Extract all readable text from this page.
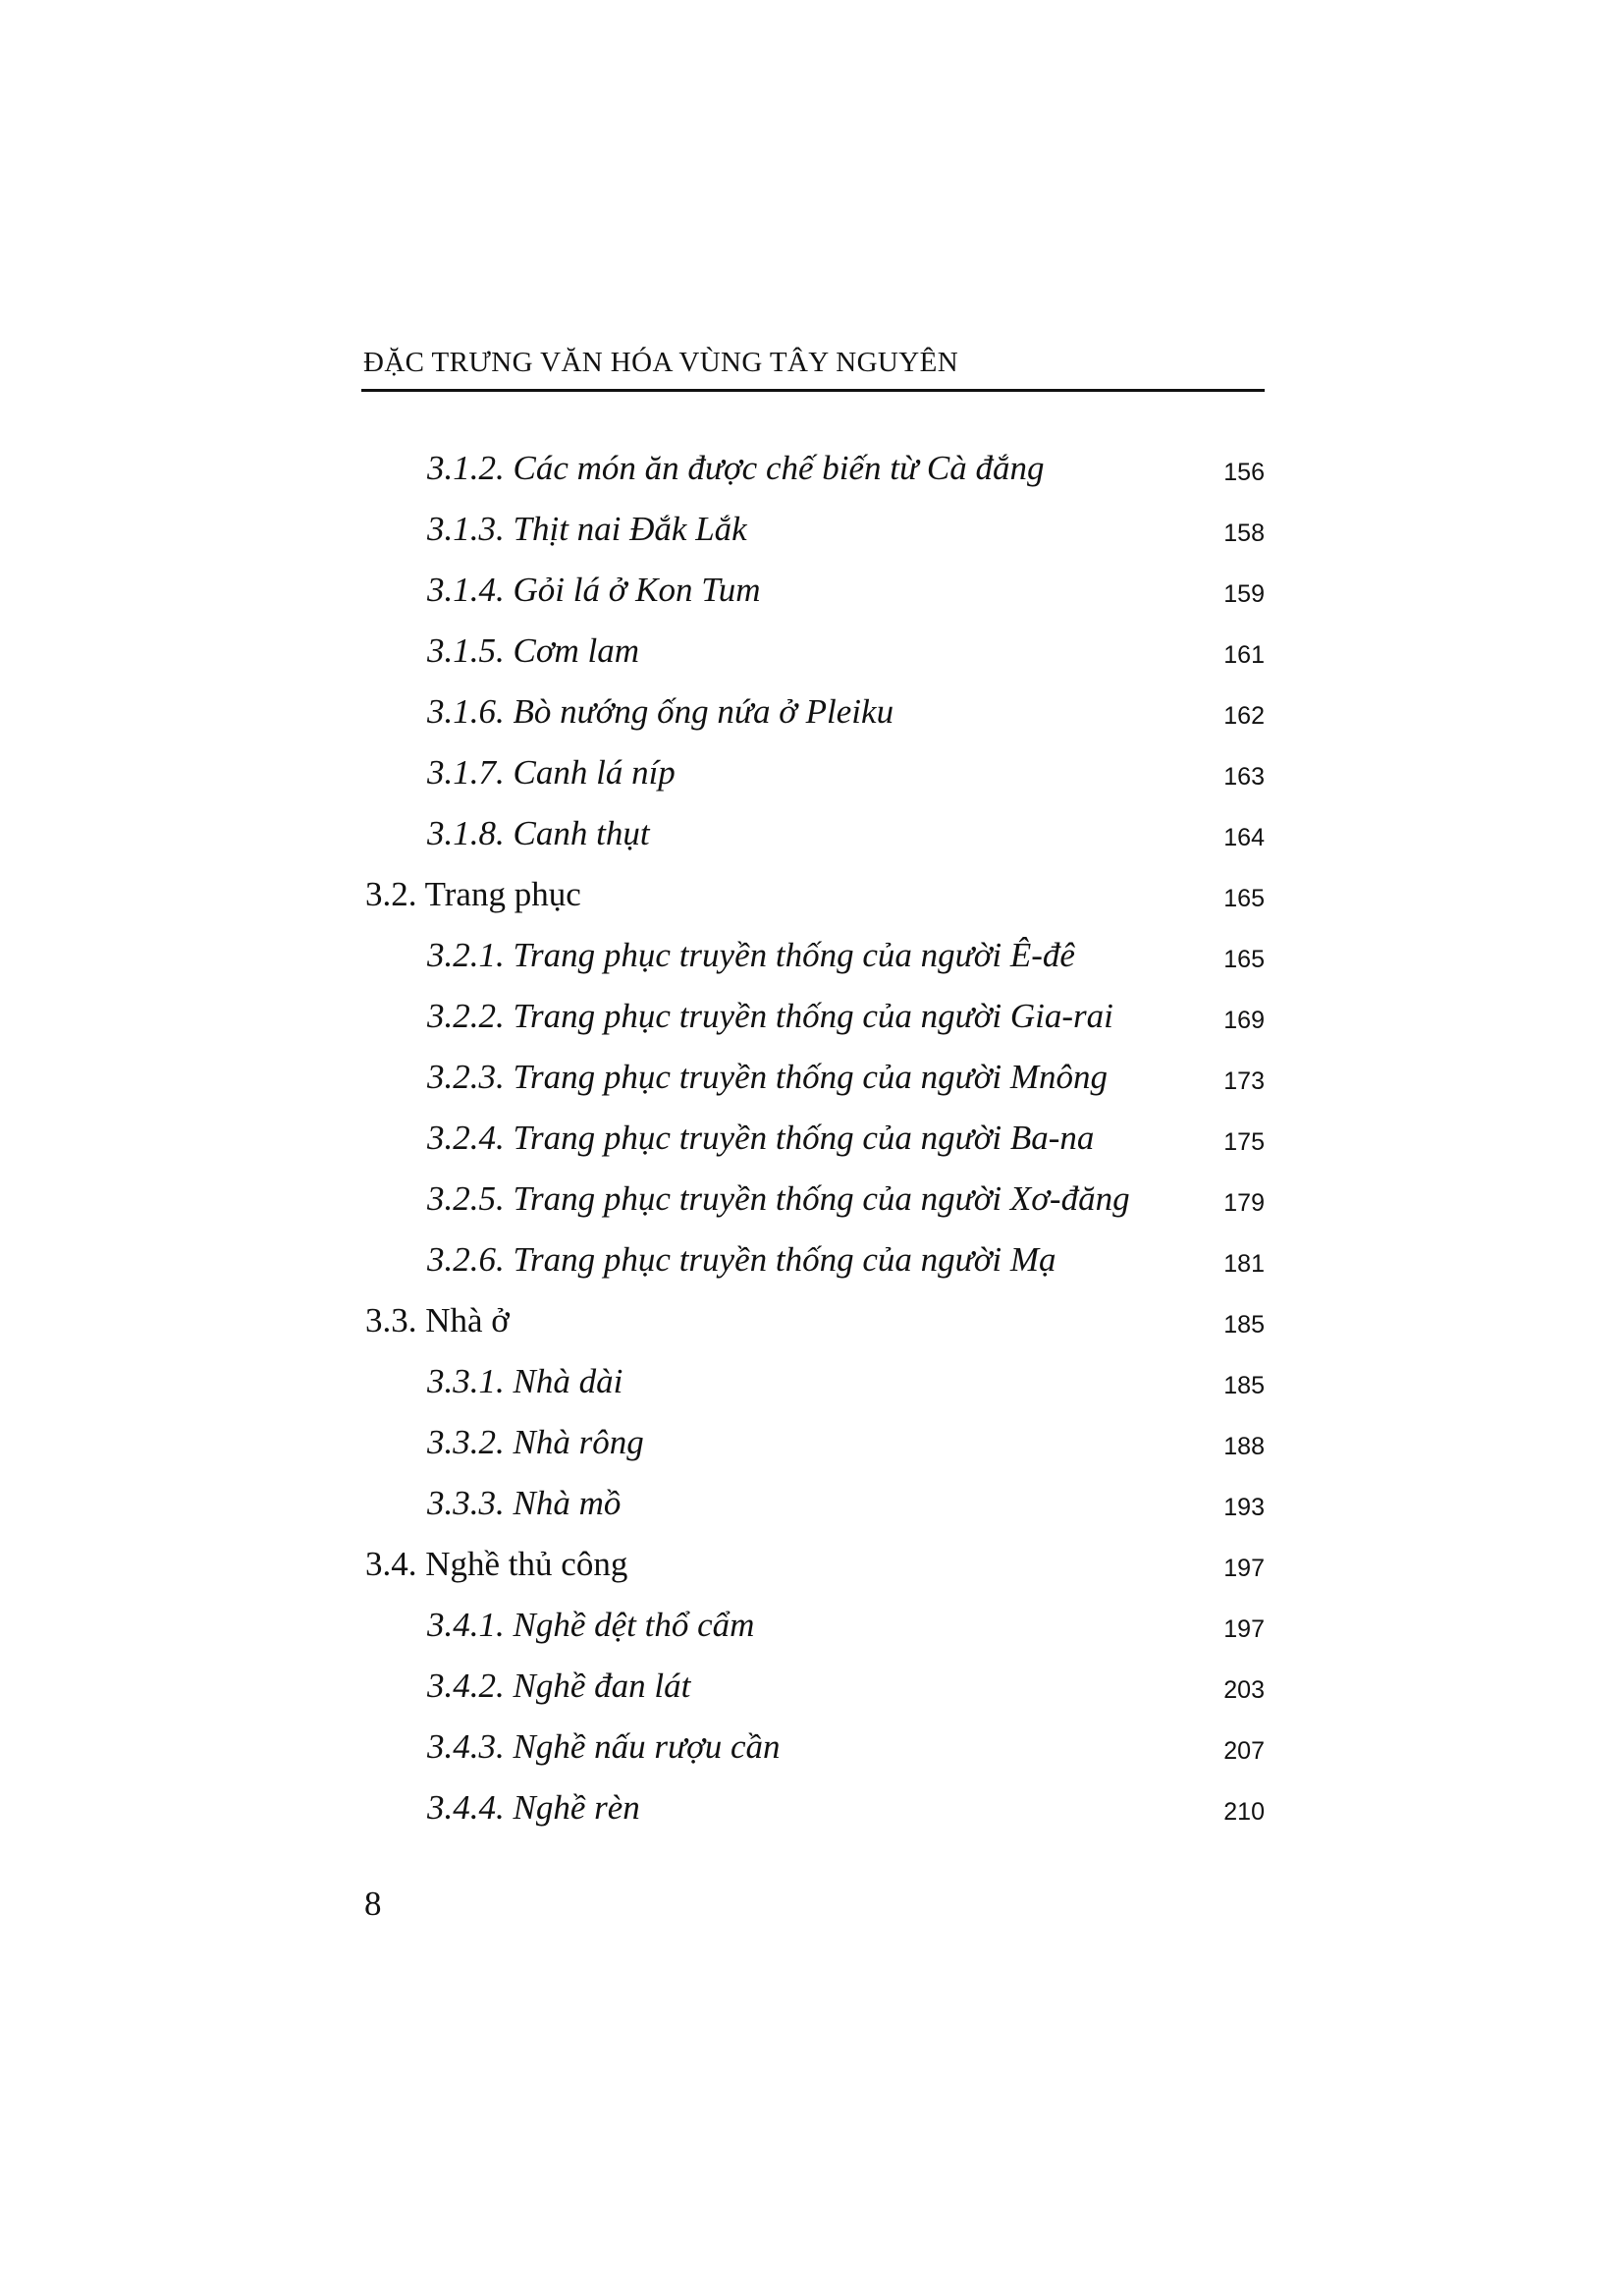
ĐẶC TRƯNG VĂN HÓA VÙNG TÂY NGUYÊN
3.1.2. Các món ăn được chế biến từ Cà đắng	156
3.1.3. Thịt nai Đắk Lắk	158
3.1.4. Gỏi lá ở Kon Tum	159
3.1.5. Cơm lam	161
3.1.6. Bò nướng ống nứa ở Pleiku	162
3.1.7. Canh lá níp	163
3.1.8. Canh thụt	164
3.2. Trang phục	165
3.2.1. Trang phục truyền thống của người Ê-đê	165
3.2.2. Trang phục truyền thống của người Gia-rai	169
3.2.3. Trang phục truyền thống của người Mnông	173
3.2.4. Trang phục truyền thống của người Ba-na	175
3.2.5. Trang phục truyền thống của người Xơ-đăng	179
3.2.6. Trang phục truyền thống của người Mạ	181
3.3. Nhà ở	185
3.3.1. Nhà dài	185
3.3.2. Nhà rông	188
3.3.3. Nhà mồ	193
3.4. Nghề thủ công	197
3.4.1. Nghề dệt thổ cẩm	197
3.4.2. Nghề đan lát	203
3.4.3. Nghề nấu rượu cần	207
3.4.4. Nghề rèn	210
8
